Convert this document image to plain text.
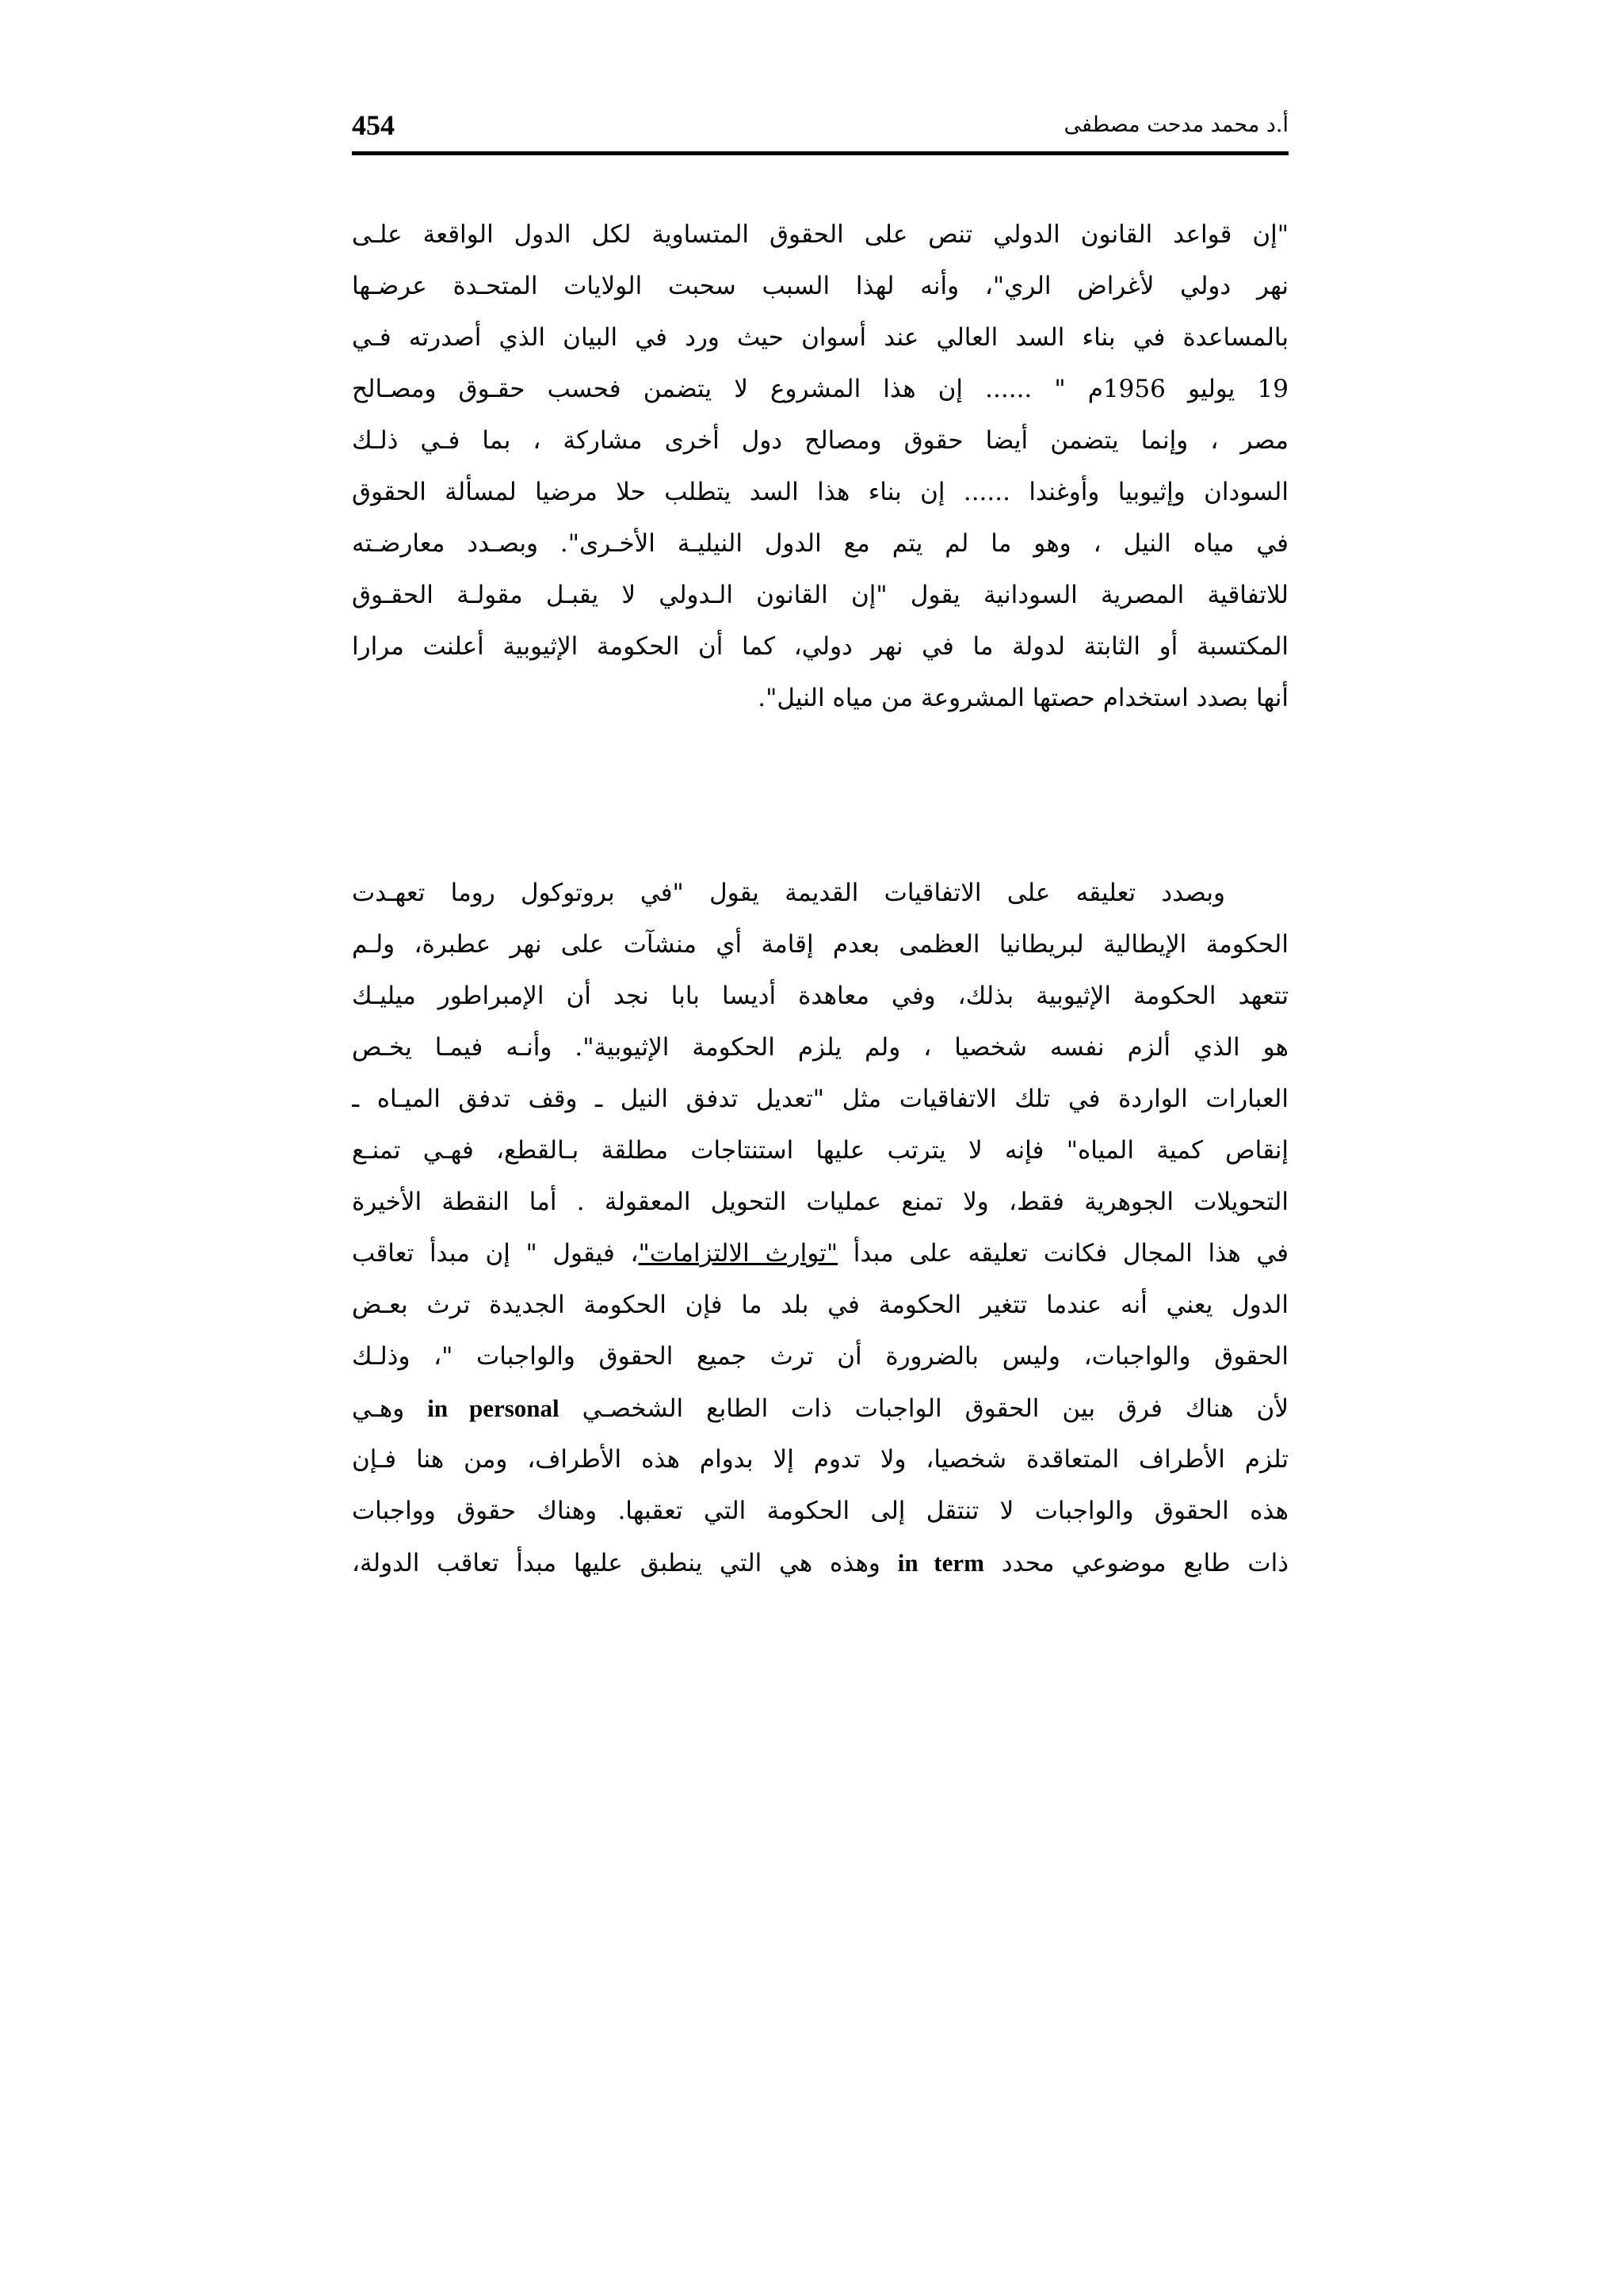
454	أ.د محمد مدحت مصطفى
"إن قواعد القانون الدولي تنص على الحقوق المتساوية لكل الدول الواقعة علـى
نهر دولي لأغراض الري"، وأنه لهذا السبب سحبت الولايات المتحـدة عرضـها
بالمساعدة في بناء السد العالي عند أسوان حيث ورد في البيان الذي أصدرته فـي
19 يوليو 1956م " ...... إن هذا المشروع لا يتضمن فحسب حقـوق ومصـالح
مصر ، وإنما يتضمن أيضا حقوق ومصالح دول أخرى مشاركة ، بما فـي ذلـك
السودان وإثيوبيا وأوغندا ...... إن بناء هذا السد يتطلب حلا مرضيا لمسألة الحقوق
في مياه النيل ، وهو ما لم يتم مع الدول النيليـة الأخـرى". وبصـدد معارضـته
للاتفاقية المصرية السودانية يقول "إن القانون الـدولي لا يقبـل مقولـة الحقـوق
المكتسبة أو الثابتة لدولة ما في نهر دولي، كما أن الحكومة الإثيوبية أعلنت مرارا
أنها بصدد استخدام حصتها المشروعة من مياه النيل".
وبصدد تعليقه على الاتفاقيات القديمة يقول "في بروتوكول روما تعهـدت
الحكومة الإيطالية لبريطانيا العظمى بعدم إقامة أي منشآت على نهر عطبرة، ولـم
تتعهد الحكومة الإثيوبية بذلك، وفي معاهدة أديسا بابا نجد أن الإمبراطور ميليـك
هو الذي ألزم نفسه شخصيا ، ولم يلزم الحكومة الإثيوبية". وأنـه فيمـا يخـص
العبارات الواردة في تلك الاتفاقيات مثل "تعديل تدفق النيل ـ وقف تدفق الميـاه ـ
إنقاص كمية المياه" فإنه لا يترتب عليها استنتاجات مطلقة بـالقطع، فهـي تمنـع
التحويلات الجوهرية فقط، ولا تمنع عمليات التحويل المعقولة . أما النقطة الأخيرة
في هذا المجال فكانت تعليقه على مبدأ "توارث الالتزامات"، فيقول " إن مبدأ تعاقب
الدول يعني أنه عندما تتغير الحكومة في بلد ما فإن الحكومة الجديدة ترث بعـض
الحقوق والواجبات، وليس بالضرورة أن ترث جميع الحقوق والواجبات "، وذلـك
لأن هناك فرق بين الحقوق الواجبات ذات الطابع الشخصـي in personal وهـي
تلزم الأطراف المتعاقدة شخصيا، ولا تدوم إلا بدوام هذه الأطراف، ومن هنا فـإن
هذه الحقوق والواجبات لا تنتقل إلى الحكومة التي تعقبها. وهناك حقوق وواجبات
ذات طابع موضوعي محدد in term وهذه هي التي ينطبق عليها مبدأ تعاقب الدولة،
